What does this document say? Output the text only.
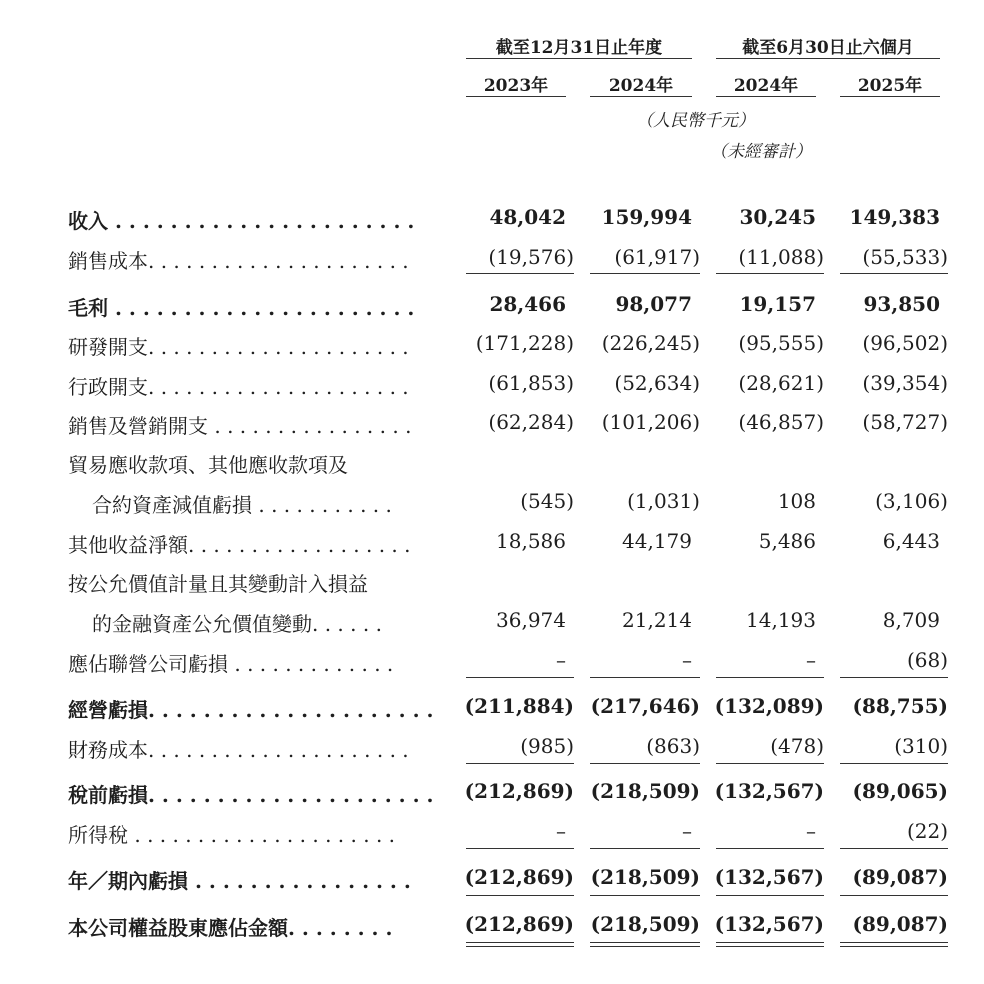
截至12月31日止年度	截至6月30日止六個月
2023年	2024年	2024年	2025年
（人民幣千元）
（未經審計）
收入 . . . . . . . . . . . . . . . . . . . . . .	48,042	159,994	30,245	149,383
銷售成本. . . . . . . . . . . . . . . . . . . . .	(19,576)	(61,917)	(11,088)	(55,533)
毛利 . . . . . . . . . . . . . . . . . . . . . .	28,466	98,077	19,157	93,850
研發開支. . . . . . . . . . . . . . . . . . . . .	(171,228)	(226,245)	(95,555)	(96,502)
行政開支. . . . . . . . . . . . . . . . . . . . .	(61,853)	(52,634)	(28,621)	(39,354)
銷售及營銷開支 . . . . . . . . . . . . . . . .	(62,284)	(101,206)	(46,857)	(58,727)
貿易應收款項、其他應收款項及
合約資產減值虧損 . . . . . . . . . . .	(545)	(1,031)	108	(3,106)
其他收益淨額. . . . . . . . . . . . . . . . . .	18,586	44,179	5,486	6,443
按公允價值計量且其變動計入損益
的金融資產公允價值變動. . . . . .	36,974	21,214	14,193	8,709
應佔聯營公司虧損 . . . . . . . . . . . . .	–	–	–	(68)
經營虧損. . . . . . . . . . . . . . . . . . . . .	(211,884) (217,646) (132,089)	(88,755)
財務成本. . . . . . . . . . . . . . . . . . . . .	(985)	(863)	(478)	(310)
稅前虧損. . . . . . . . . . . . . . . . . . . . .	(212,869) (218,509) (132,567)	(89,065)
所得稅 . . . . . . . . . . . . . . . . . . . . .	–	–	–	(22)
年／期內虧損 . . . . . . . . . . . . . . . .	(212,869) (218,509) (132,567)	(89,087)
本公司權益股東應佔金額. . . . . . . .	(212,869) (218,509) (132,567)	(89,087)
